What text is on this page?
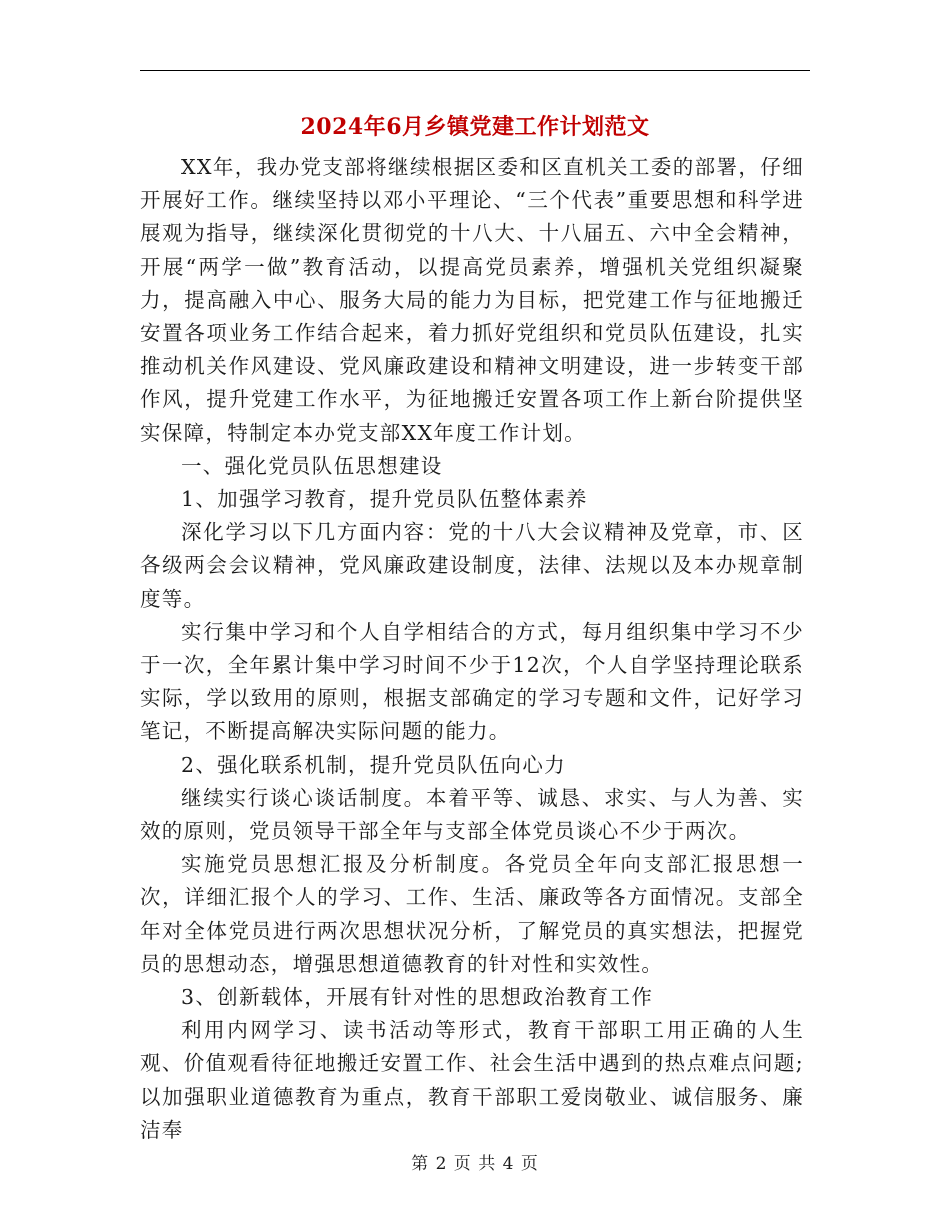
2024年6月乡镇党建工作计划范文

XX年，我办党支部将继续根据区委和区直机关工委的部署，仔细开展好工作。继续坚持以邓小平理论、“三个代表”重要思想和科学进展观为指导，继续深化贯彻党的十八大、十八届五、六中全会精神，开展“两学一做”教育活动，以提高党员素养，增强机关党组织凝聚力，提高融入中心、服务大局的能力为目标，把党建工作与征地搬迁安置各项业务工作结合起来，着力抓好党组织和党员队伍建设，扎实推动机关作风建设、党风廉政建设和精神文明建设，进一步转变干部作风，提升党建工作水平，为征地搬迁安置各项工作上新台阶提供坚实保障，特制定本办党支部XX年度工作计划。

一、强化党员队伍思想建设

1、加强学习教育，提升党员队伍整体素养

深化学习以下几方面内容：党的十八大会议精神及党章，市、区各级两会会议精神，党风廉政建设制度，法律、法规以及本办规章制度等。

实行集中学习和个人自学相结合的方式，每月组织集中学习不少于一次，全年累计集中学习时间不少于12次，个人自学坚持理论联系实际，学以致用的原则，根据支部确定的学习专题和文件，记好学习笔记，不断提高解决实际问题的能力。

2、强化联系机制，提升党员队伍向心力

继续实行谈心谈话制度。本着平等、诚恳、求实、与人为善、实效的原则，党员领导干部全年与支部全体党员谈心不少于两次。

实施党员思想汇报及分析制度。各党员全年向支部汇报思想一次，详细汇报个人的学习、工作、生活、廉政等各方面情况。支部全年对全体党员进行两次思想状况分析，了解党员的真实想法，把握党员的思想动态，增强思想道德教育的针对性和实效性。

3、创新载体，开展有针对性的思想政治教育工作

利用内网学习、读书活动等形式，教育干部职工用正确的人生观、价值观看待征地搬迁安置工作、社会生活中遇到的热点难点问题;以加强职业道德教育为重点，教育干部职工爱岗敬业、诚信服务、廉洁奉

第 2 页 共 4 页
